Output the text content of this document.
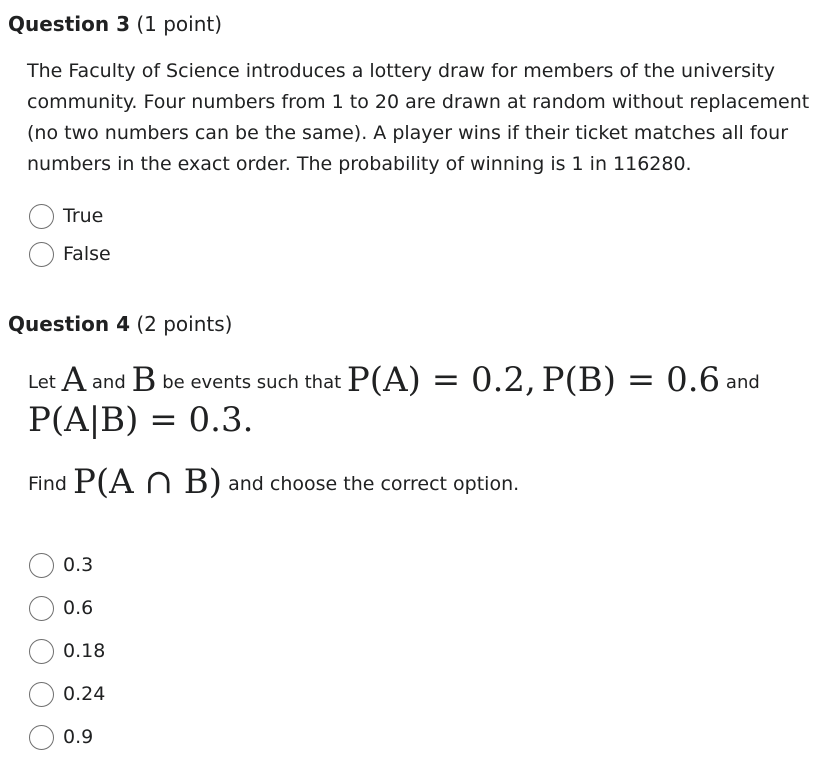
Question 3 (1 point)
The Faculty of Science introduces a lottery draw for members of the university
community. Four numbers from 1 to 20 are drawn at random without replacement
(no two numbers can be the same). A player wins if their ticket matches all four
numbers in the exact order. The probability of winning is 1 in 116280.
True
False
Question 4 (2 points)
Let A and B be events such that P(A) = 0.2, P(B) = 0.6 and
P(A|B) = 0.3.
Find P(A ∩ B) and choose the correct option.
0.3
0.6
0.18
0.24
0.9
